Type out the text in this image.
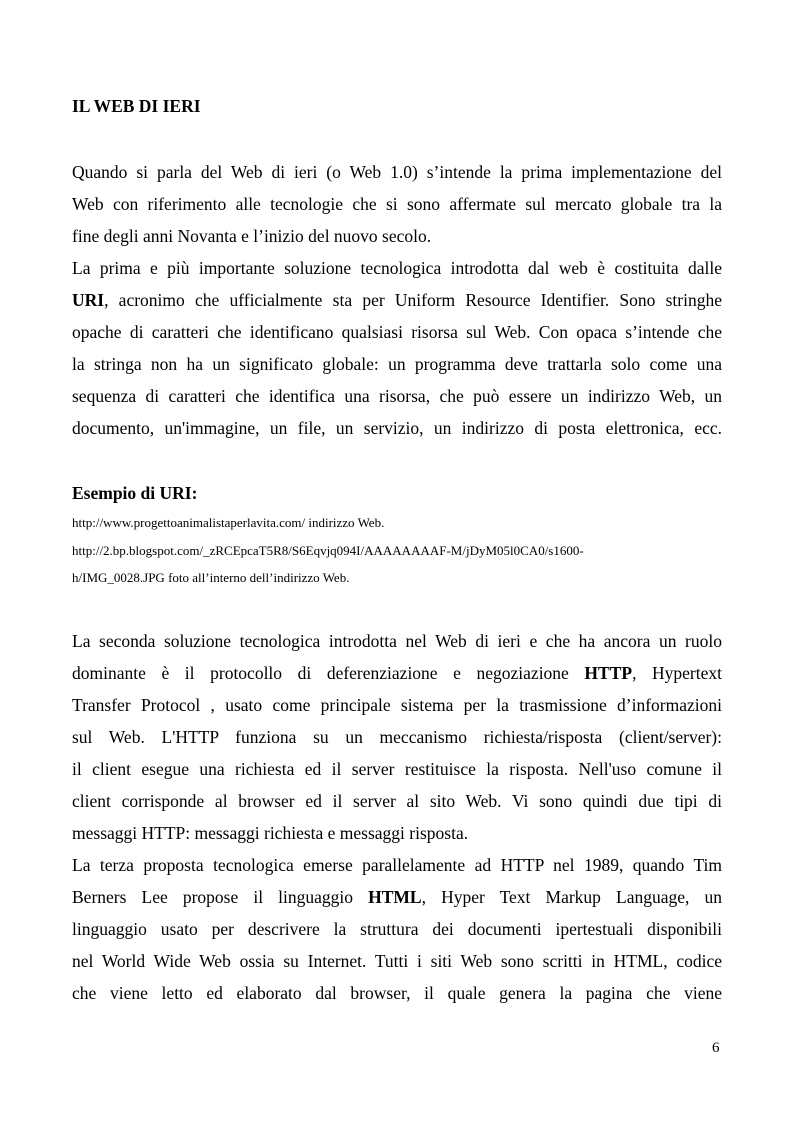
IL WEB DI IERI

Quando si parla del Web di ieri (o Web 1.0) s’intende la prima implementazione del

Web con riferimento alle tecnologie che si sono affermate sul mercato globale tra la

fine degli anni Novanta e l’inizio del nuovo secolo.

La prima e più importante soluzione tecnologica introdotta dal web è costituita dalle

URI, acronimo che ufficialmente sta per Uniform Resource Identifier. Sono stringhe

opache di caratteri che identificano qualsiasi risorsa sul Web. Con opaca s’intende che

la stringa non ha un significato globale: un programma deve trattarla solo come una

sequenza di caratteri che identifica una risorsa, che può essere un indirizzo Web, un

documento, un'immagine, un file, un servizio, un indirizzo di posta elettronica, ecc.

Esempio di URI:

http://www.progettoanimalistaperlavita.com/ indirizzo Web.

http://2.bp.blogspot.com/_zRCEpcaT5R8/S6Eqvjq094I/AAAAAAAAF-M/jDyM05l0CA0/s1600-

h/IMG_0028.JPG foto all’interno dell’indirizzo Web.

La seconda soluzione tecnologica introdotta nel Web di ieri e che ha ancora un ruolo

dominante è il protocollo di deferenziazione e negoziazione HTTP, Hypertext

Transfer Protocol , usato come principale sistema per la trasmissione d’informazioni

sul Web. L'HTTP funziona su un meccanismo richiesta/risposta (client/server):

il client esegue una richiesta ed il server restituisce la risposta. Nell'uso comune il

client corrisponde al browser ed il server al sito Web. Vi sono quindi due tipi di

messaggi HTTP: messaggi richiesta e messaggi risposta.

La terza proposta tecnologica emerse parallelamente ad HTTP nel 1989, quando Tim

Berners Lee propose il linguaggio HTML, Hyper Text Markup Language, un

linguaggio usato per descrivere la struttura dei documenti ipertestuali disponibili

nel World Wide Web ossia su Internet. Tutti i siti Web sono scritti in HTML, codice

che viene letto ed elaborato dal browser, il quale genera la pagina che viene

6
